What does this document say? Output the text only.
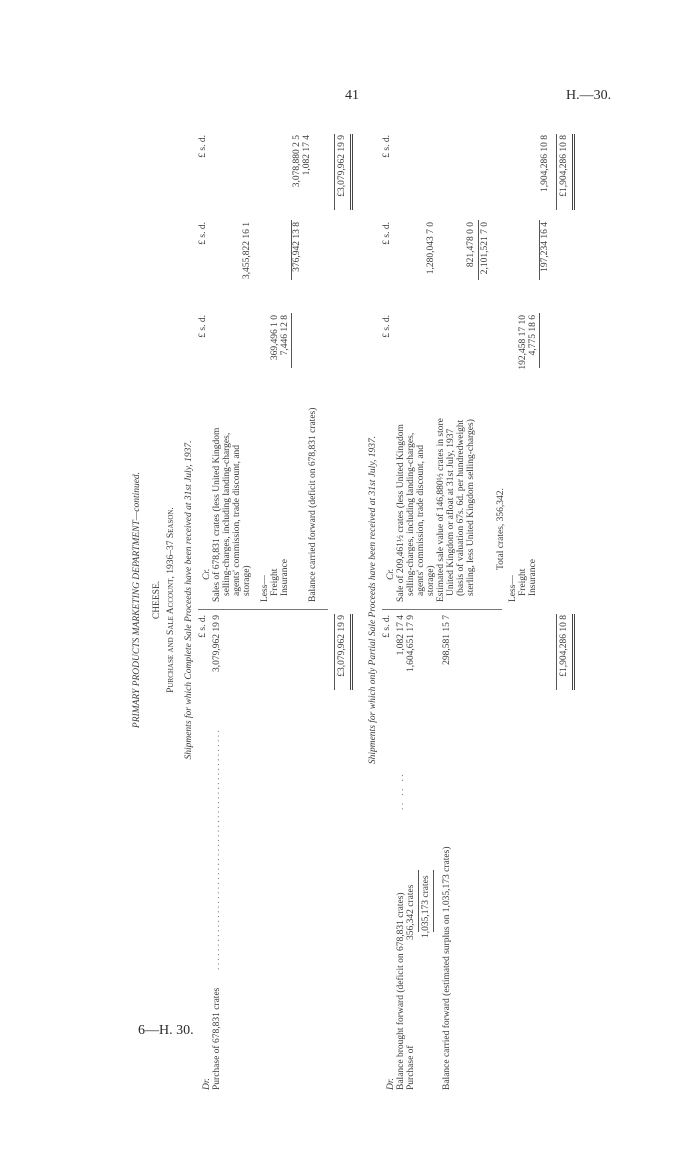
41	H.—30.
6—H. 30.
PRIMARY PRODUCTS MARKETING DEPARTMENT—continued. CHEESE. Purchase and Sale Account, 1936–37 Season. Shipments for which Complete Sale Proceeds have been received at 31st July, 1937.
Dr.
£ s. d.
Cr.
£ s. d.
£ s. d.
£ s. d.
Purchase of 678,831 crates
. . . . . . . . . . . . . . . . . . . . . . . . . . . . . . . . . . . . . . . . . . . . . . . . . . .
3,079,962 19 9
Sales of 678,831 crates (less United Kingdom selling-charges, including landing-charges, agents' commission, trade discount, and storage)
3,455,822 16 1
Less— Freight
369,496 1 0
Insurance
7,446 12 8
376,942 13 8
3,078,880 2 5
Balance carried forward (deficit on 678,831 crates)
1,082 17 4
£3,079,962 19 9
£3,079,962 19 9
Shipments for which only Partial Sale Proceeds have been received at 31st July, 1937.
Dr.
£ s. d.
Cr.
£ s. d.
£ s. d.
£ s. d.
Balance brought forward (deficit on 678,831 crates)
. .   . .   . .
1,082 17 4
Purchase of
356,342 crates
1,604,651 17 9
1,035,173 crates Balance carried forward (estimated surplus on 1,035,173 crates)
298,581 15 7
Sale of 209,461½ crates (less United Kingdom selling-charges, including landing-charges, agents' commission, trade discount, and storage)
1,280,043 7 0
Estimated sale value of 146,880½ crates in store United Kingdom or afloat at 31st July, 1937 (basis of valuation 67s. 6d. per hundredweight sterling, less United Kingdom selling-charges)
821,478 0 0 2,101,521 7 0
Total crates, 356,342.
Less— Freight
192,458 17 10
Insurance
4,775 18 6
197,234 16 4
1,904,286 10 8
£1,904,286 10 8
£1,904,286 10 8
